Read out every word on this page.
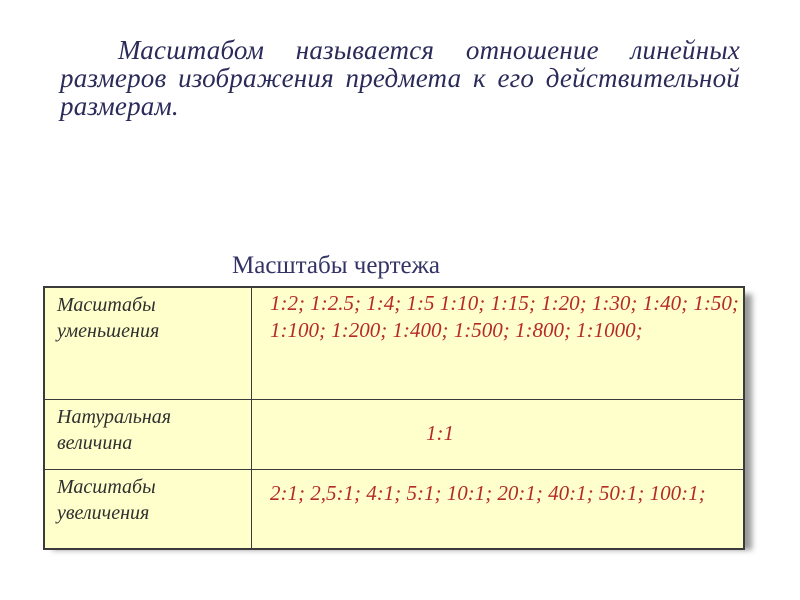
Масштабом называется отношение линейных размеров изображения предмета к его действительной размерам.
Масштабы чертежа
Масштабы уменьшения	1:2; 1:2.5; 1:4; 1:5 1:10; 1:15; 1:20; 1:30; 1:40; 1:50; 1:100; 1:200; 1:400; 1:500; 1:800; 1:1000;
Натуральная величина	1:1

Масштабы увеличения	2:1; 2,5:1; 4:1; 5:1; 10:1; 20:1; 40:1; 50:1; 100:1;
